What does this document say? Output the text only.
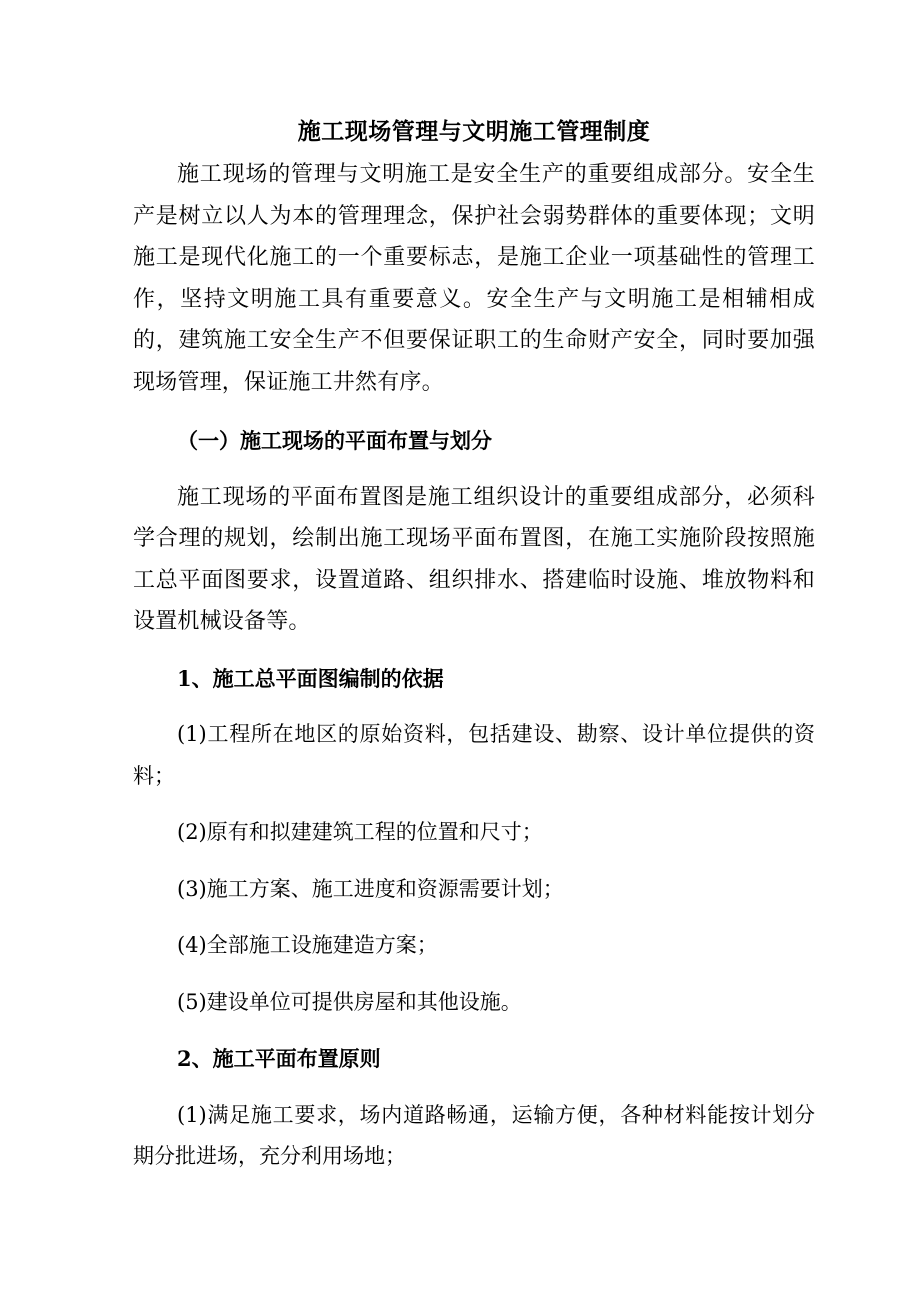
施工现场管理与文明施工管理制度
施工现场的管理与文明施工是安全生产的重要组成部分。安全生产是树立以人为本的管理理念，保护社会弱势群体的重要体现；文明施工是现代化施工的一个重要标志，是施工企业一项基础性的管理工作，坚持文明施工具有重要意义。安全生产与文明施工是相辅相成的，建筑施工安全生产不但要保证职工的生命财产安全，同时要加强现场管理，保证施工井然有序。
（一）施工现场的平面布置与划分
施工现场的平面布置图是施工组织设计的重要组成部分，必须科学合理的规划，绘制出施工现场平面布置图，在施工实施阶段按照施工总平面图要求，设置道路、组织排水、搭建临时设施、堆放物料和设置机械设备等。
1、施工总平面图编制的依据
(1)工程所在地区的原始资料，包括建设、勘察、设计单位提供的资料；
(2)原有和拟建建筑工程的位置和尺寸；
(3)施工方案、施工进度和资源需要计划；
(4)全部施工设施建造方案；
(5)建设单位可提供房屋和其他设施。
2、施工平面布置原则
(1)满足施工要求，场内道路畅通，运输方便，各种材料能按计划分期分批进场，充分利用场地；
